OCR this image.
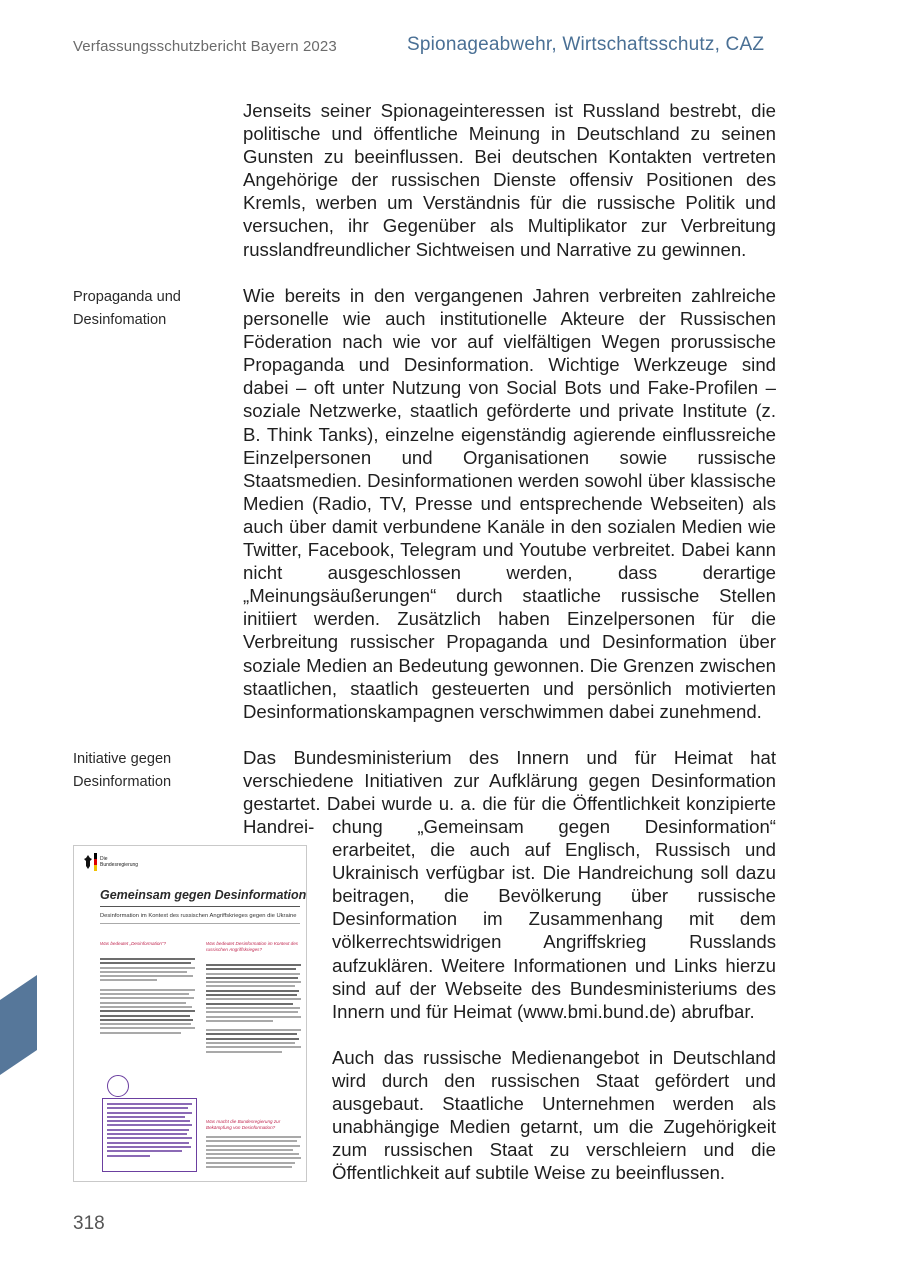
Verfassungsschutzbericht Bayern 2023	Spionageabwehr, Wirtschaftsschutz, CAZ
Jenseits seiner Spionageinteressen ist Russland bestrebt, die politische und öffentliche Meinung in Deutschland zu seinen Gunsten zu beeinflussen. Bei deutschen Kontakten vertreten Angehörige der russischen Dienste offensiv Positionen des Kremls, werben um Verständnis für die russische Politik und versuchen, ihr Gegenüber als Multiplikator zur Verbreitung russlandfreundlicher Sichtweisen und Narrative zu gewinnen.
Propaganda und
Desinfomation
Wie bereits in den vergangenen Jahren verbreiten zahlreiche personelle wie auch institutionelle Akteure der Russischen Föderation nach wie vor auf vielfältigen Wegen prorussische Propaganda und Desinformation. Wichtige Werkzeuge sind dabei – oft unter Nutzung von Social Bots und Fake-Profilen – soziale Netzwerke, staatlich geförderte und private Institute (z. B. Think Tanks), einzelne eigenständig agierende einflussreiche Einzelpersonen und Organisationen sowie russische Staatsmedien. Desinformationen werden sowohl über klassische Medien (Radio, TV, Presse und entsprechende Webseiten) als auch über damit verbundene Kanäle in den sozialen Medien wie Twitter, Facebook, Telegram und Youtube verbreitet. Dabei kann nicht ausgeschlossen werden, dass derartige „Meinungsäußerungen“ durch staatliche russische Stellen initiiert werden. Zusätzlich haben Einzelpersonen für die Verbreitung russischer Propaganda und Desinformation über soziale Medien an Bedeutung gewonnen. Die Grenzen zwischen staatlichen, staatlich gesteuerten und persönlich motivierten Desinformationskampagnen verschwimmen dabei zunehmend.
Initiative gegen
Desinformation
Das Bundesministerium des Innern und für Heimat hat verschiedene Initiativen zur Aufklärung gegen Desinformation gestartet. Dabei wurde u. a. die für die Öffentlichkeit konzipierte Handrei- chung „Gemeinsam gegen Desinformation“ erarbeitet, die auch auf Englisch, Russisch und Ukrainisch verfügbar ist. Die Handreichung soll dazu beitragen, die Bevölkerung über russische Desinformation im Zusammenhang mit dem völkerrechtswidrigen Angriffskrieg Russlands aufzuklären. Weitere Informationen und Links hierzu sind auf der Webseite des Bundesministeriums des Innern und für Heimat (www.bmi.bund.de) abrufbar.
Auch das russische Medienangebot in Deutschland wird durch den russischen Staat gefördert und ausgebaut. Staatliche Unternehmen werden als unabhängige Medien getarnt, um die Zugehörigkeit zum russischen Staat zu verschleiern und die Öffentlichkeit auf subtile Weise zu beeinflussen.
Die
Bundesregierung
Gemeinsam gegen Desinformation
Desinformation im Kontext des russischen Angriffskrieges gegen die Ukraine
Was bedeutet „Desinformation“?	Was bedeutet Desinformation im Kontext des russischen Angriffskrieges?
Was macht die Bundesregierung zur Bekämpfung von Desinformation?
318
